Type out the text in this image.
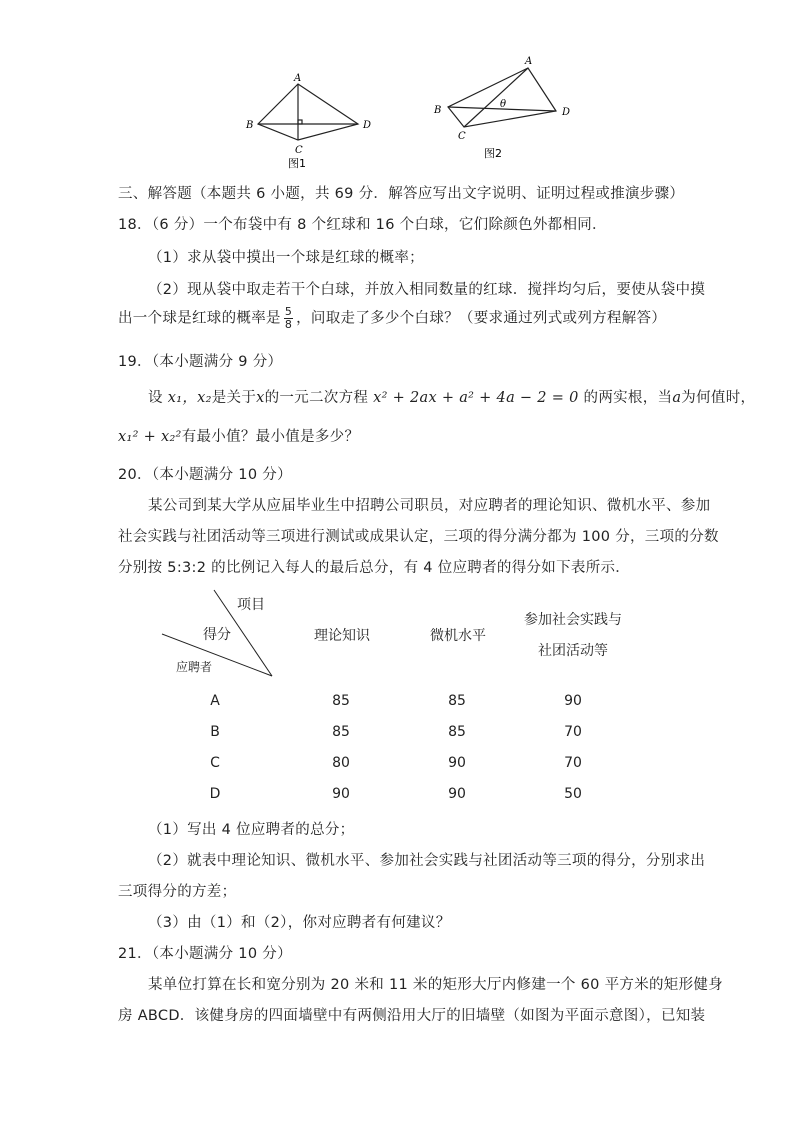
A
B
C
D
图1
A
B
C
D
θ
图2
三、解答题（本题共 6 小题，共 69 分．解答应写出文字说明、证明过程或推演步骤）
18．（6 分）一个布袋中有 8 个红球和 16 个白球，它们除颜色外都相同．
（1）求从袋中摸出一个球是红球的概率；
（2）现从袋中取走若干个白球，并放入相同数量的红球．搅拌均匀后，要使从袋中摸
出一个球是红球的概率是 $\frac{5}{8}$ ，问取走了多少个白球？（要求通过列式或列方程解答）
19．（本小题满分 9 分）
设 x₁，x₂是关于x的一元二次方程 x² + 2ax + a² + 4a − 2 = 0 的两实根，当a为何值时，
x₁² + x₂²有最小值？最小值是多少？
20．（本小题满分 10 分）
某公司到某大学从应届毕业生中招聘公司职员，对应聘者的理论知识、微机水平、参加
社会实践与社团活动等三项进行测试或成果认定，三项的得分满分都为 100 分，三项的分数
分别按 5:3:2 的比例记入每人的最后总分，有 4 位应聘者的得分如下表所示．
项目
得分
应聘者
理论知识	微机水平
参加社会实践与
社团活动等
A	85	85	90
B	85	85	70
C	80	90	70
D	90	90	50
（1）写出 4 位应聘者的总分；
（2）就表中理论知识、微机水平、参加社会实践与社团活动等三项的得分，分别求出
三项得分的方差；
（3）由（1）和（2），你对应聘者有何建议？
21．（本小题满分 10 分）
某单位打算在长和宽分别为 20 米和 11 米的矩形大厅内修建一个 60 平方米的矩形健身
房 ABCD．该健身房的四面墙壁中有两侧沿用大厅的旧墙壁（如图为平面示意图），已知装
